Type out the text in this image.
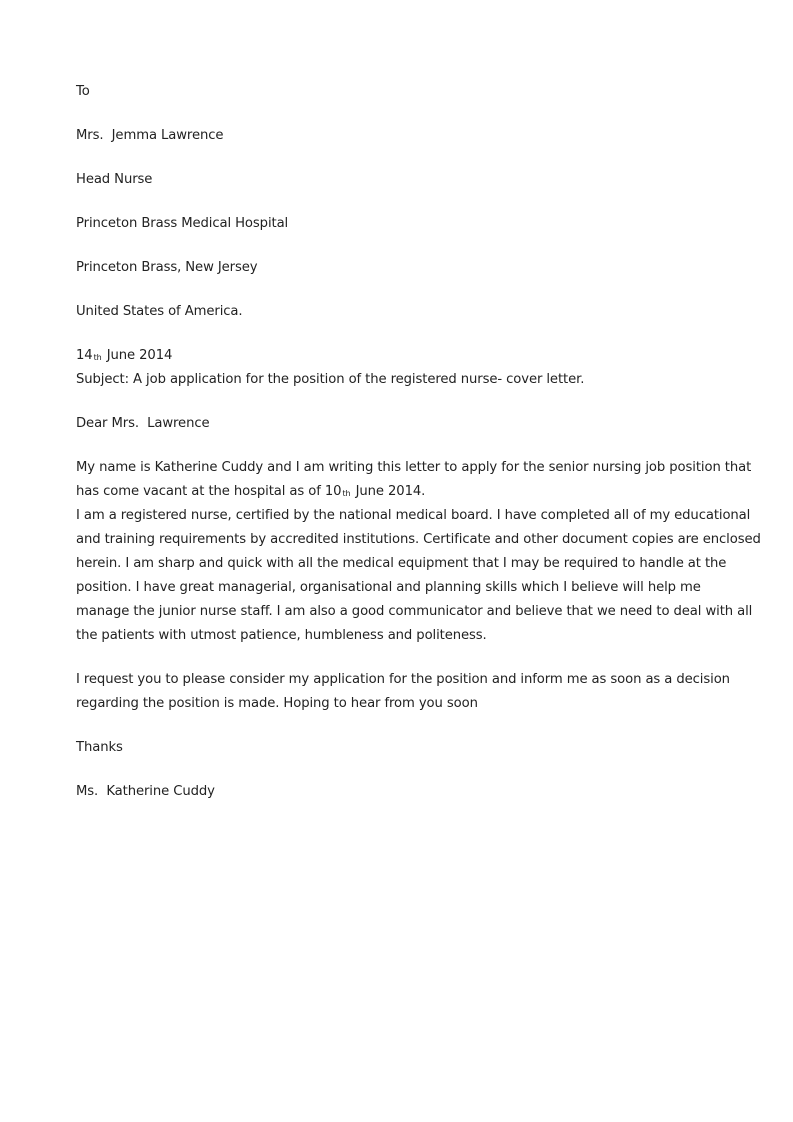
To
Mrs.  Jemma Lawrence
Head Nurse
Princeton Brass Medical Hospital
Princeton Brass, New Jersey
United States of America.
14th June 2014
Subject: A job application for the position of the registered nurse- cover letter.
Dear Mrs.  Lawrence
My name is Katherine Cuddy and I am writing this letter to apply for the senior nursing job position that
has come vacant at the hospital as of 10th June 2014.
I am a registered nurse, certified by the national medical board. I have completed all of my educational
and training requirements by accredited institutions. Certificate and other document copies are enclosed
herein. I am sharp and quick with all the medical equipment that I may be required to handle at the
position. I have great managerial, organisational and planning skills which I believe will help me
manage the junior nurse staff. I am also a good communicator and believe that we need to deal with all
the patients with utmost patience, humbleness and politeness.
I request you to please consider my application for the position and inform me as soon as a decision
regarding the position is made. Hoping to hear from you soon
Thanks
Ms.  Katherine Cuddy
